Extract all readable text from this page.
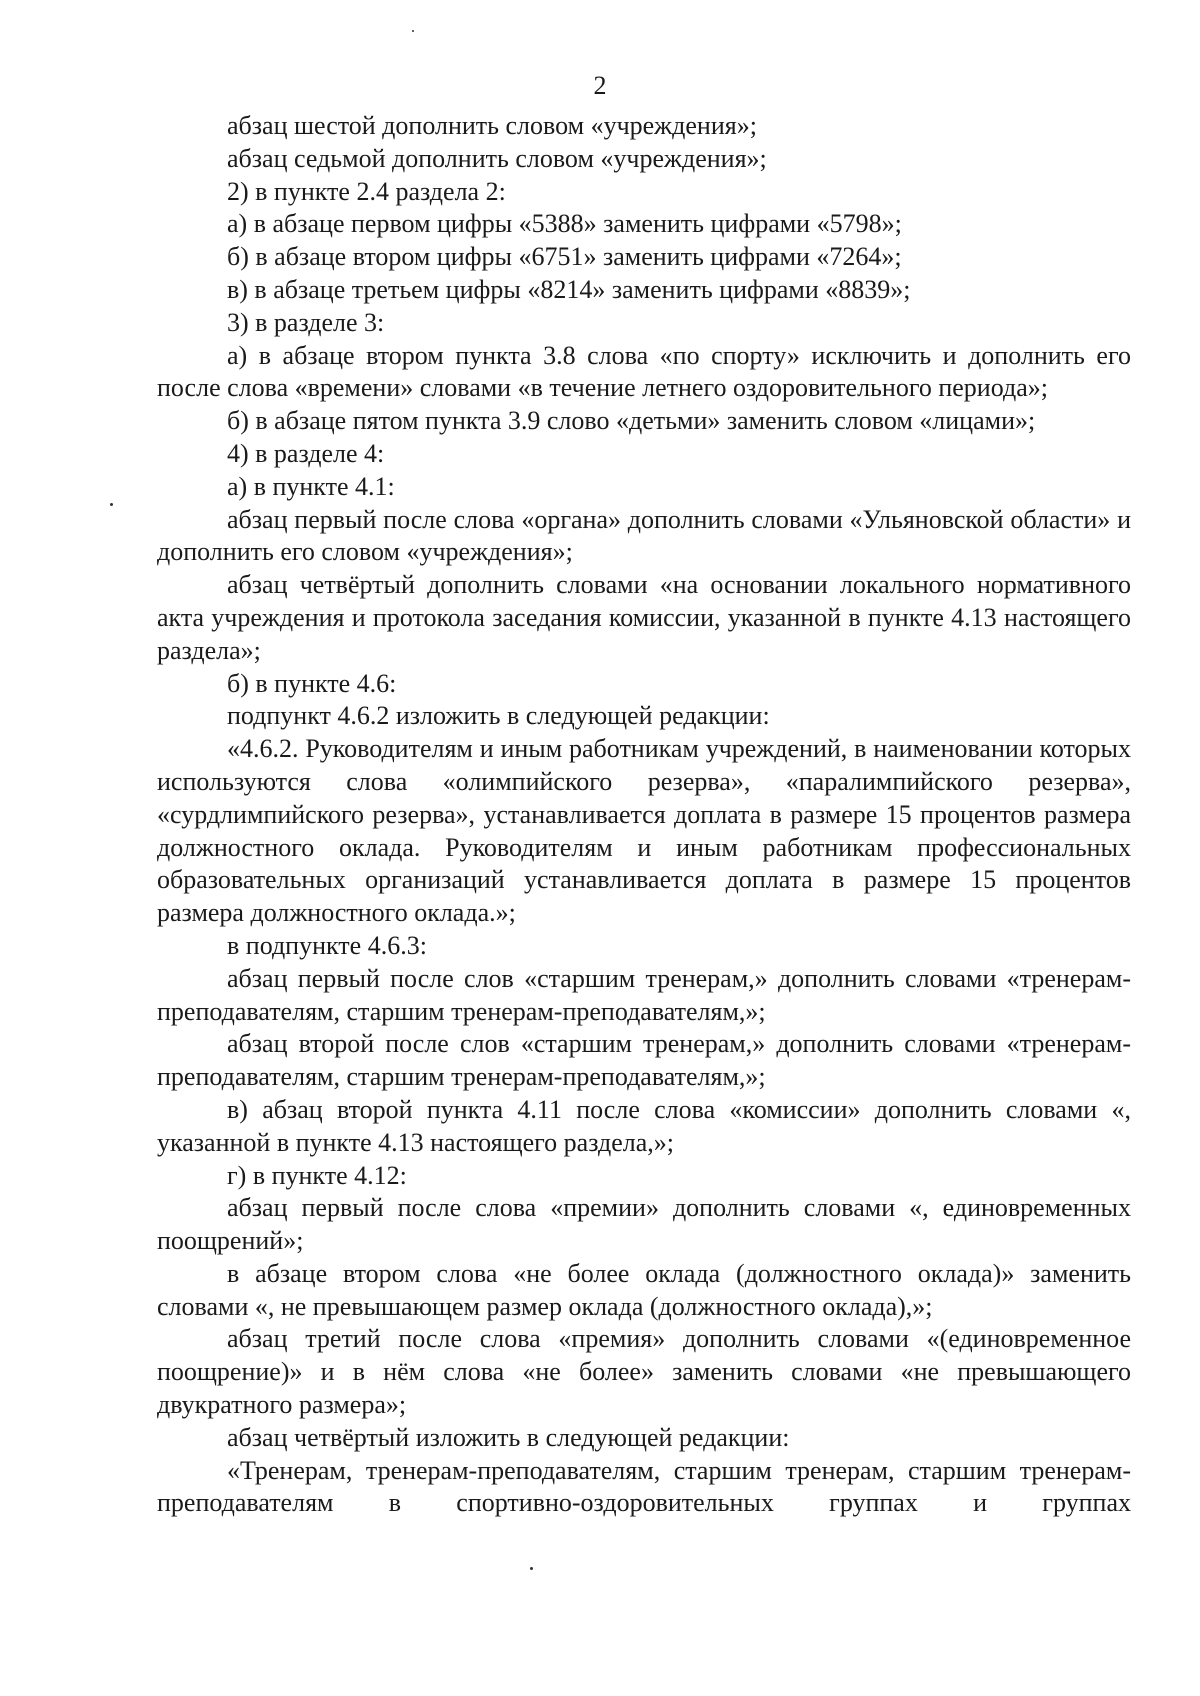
2

абзац шестой дополнить словом «учреждения»;

абзац седьмой дополнить словом «учреждения»;

2) в пункте 2.4 раздела 2:

а) в абзаце первом цифры «5388» заменить цифрами «5798»;

б) в абзаце втором цифры «6751» заменить цифрами «7264»;

в) в абзаце третьем цифры «8214» заменить цифрами «8839»;

3) в разделе 3:

а) в абзаце втором пункта 3.8 слова «по спорту» исключить и дополнить его после слова «времени» словами «в течение летнего оздоровительного периода»;

б) в абзаце пятом пункта 3.9 слово «детьми» заменить словом «лицами»;

4) в разделе 4:

а) в пункте 4.1:

абзац первый после слова «органа» дополнить словами «Ульяновской области» и дополнить его словом «учреждения»;

абзац четвёртый дополнить словами «на основании локального нормативного акта учреждения и протокола заседания комиссии, указанной в пункте 4.13 настоящего раздела»;

б) в пункте 4.6:

подпункт 4.6.2 изложить в следующей редакции:

«4.6.2. Руководителям и иным работникам учреждений, в наименовании которых используются слова «олимпийского резерва», «паралимпийского резерва», «сурдлимпийского резерва», устанавливается доплата в размере 15 процентов размера должностного оклада. Руководителям и иным работникам профессиональных образовательных организаций устанавливается доплата в размере 15 процентов размера должностного оклада.»;

в подпункте 4.6.3:

абзац первый после слов «старшим тренерам,» дополнить словами «тренерам-преподавателям, старшим тренерам-преподавателям,»;

абзац второй после слов «старшим тренерам,» дополнить словами «тренерам-преподавателям, старшим тренерам-преподавателям,»;

в) абзац второй пункта 4.11 после слова «комиссии» дополнить словами «, указанной в пункте 4.13 настоящего раздела,»;

г) в пункте 4.12:

абзац первый после слова «премии» дополнить словами «, единовременных поощрений»;

в абзаце втором слова «не более оклада (должностного оклада)» заменить словами «, не превышающем размер оклада (должностного оклада),»;

абзац третий после слова «премия» дополнить словами «(единовременное поощрение)» и в нём слова «не более» заменить словами «не превышающего двукратного размера»;

абзац четвёртый изложить в следующей редакции:

«Тренерам, тренерам-преподавателям, старшим тренерам, старшим тренерам-преподавателям в спортивно-оздоровительных группах и группах
